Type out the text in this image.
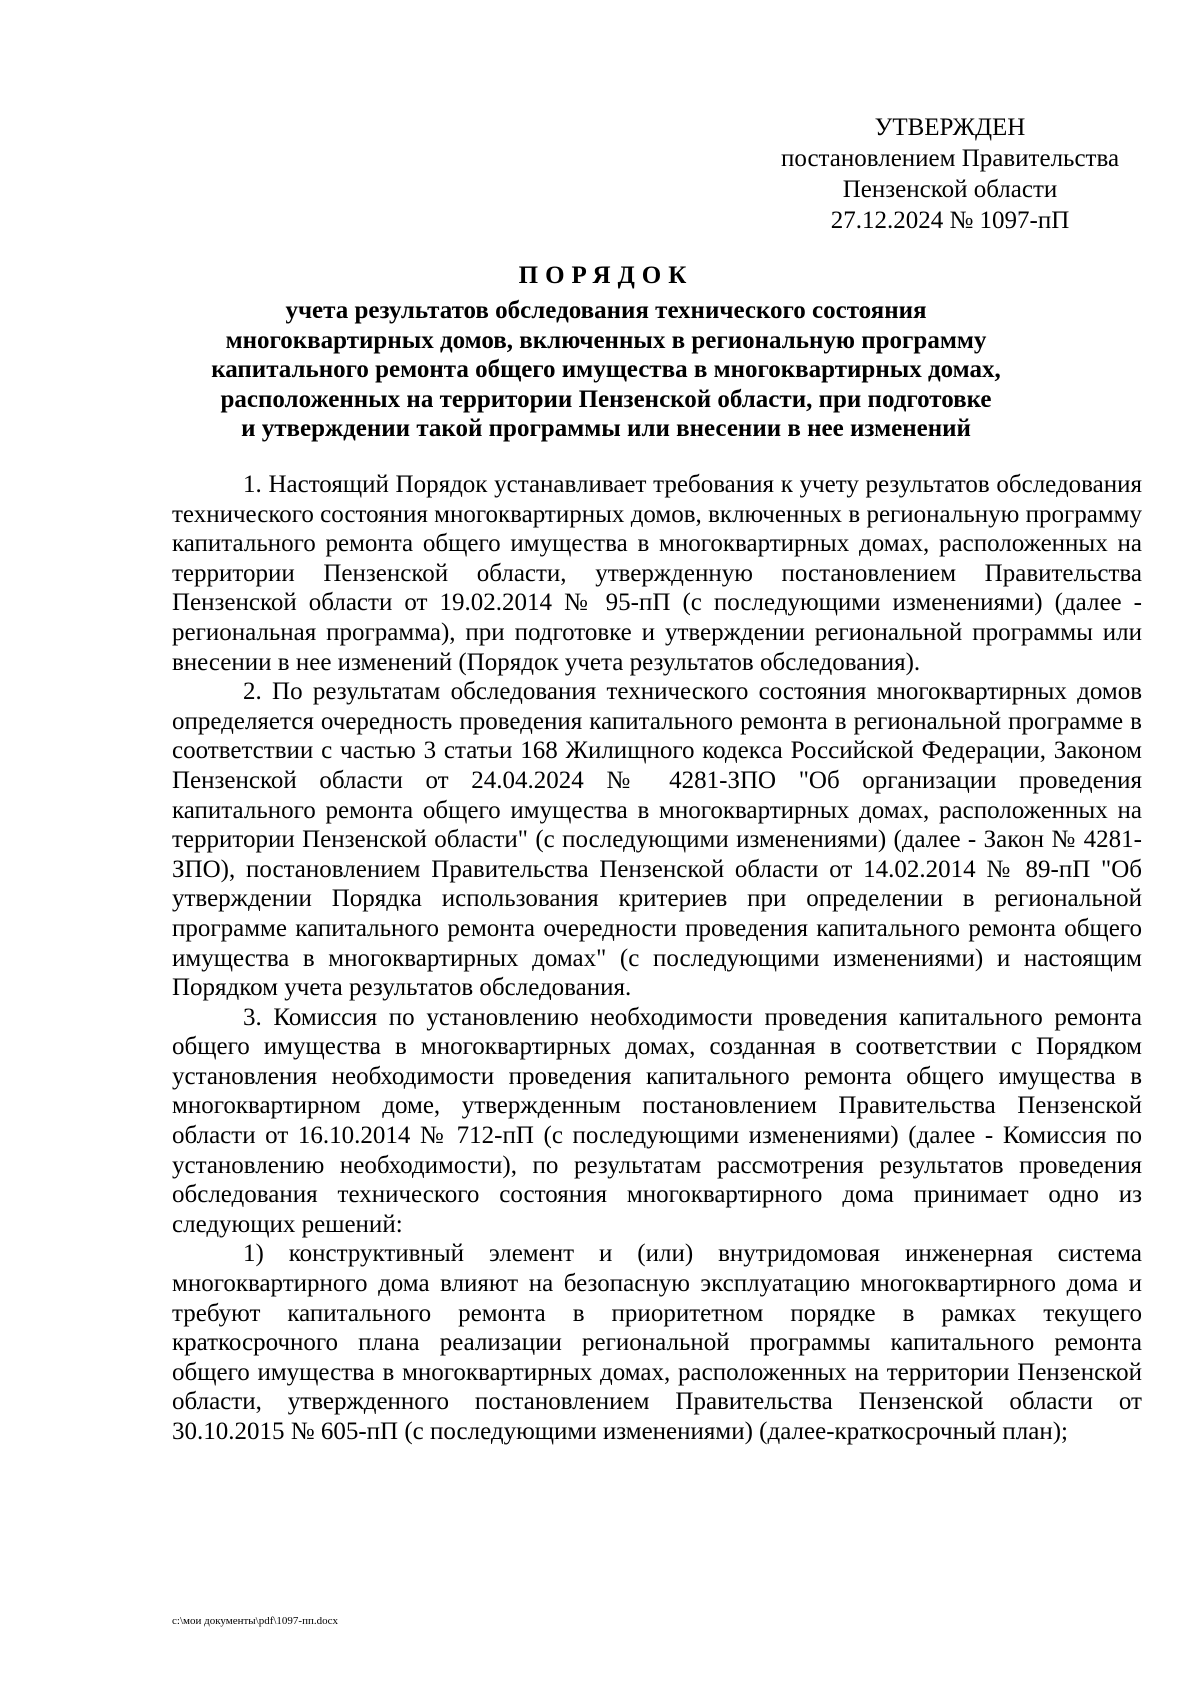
УТВЕРЖДЕН
постановлением Правительства
Пензенской области
27.12.2024 № 1097-пП
ПОРЯДОК
учета результатов обследования технического состояния
многоквартирных домов, включенных в региональную программу
капитального ремонта общего имущества в многоквартирных домах,
расположенных на территории Пензенской области, при подготовке
и утверждении такой программы или внесении в нее изменений

1. Настоящий Порядок устанавливает требования к учету результатов обследования технического состояния многоквартирных домов, включенных в региональную программу капитального ремонта общего имущества в многоквартирных домах, расположенных на территории Пензенской области, утвержденную постановлением Правительства Пензенской области от 19.02.2014 № 95-пП (с последующими изменениями) (далее - региональная программа), при подготовке и утверждении региональной программы или внесении в нее изменений (Порядок учета результатов обследования).

2. По результатам обследования технического состояния многоквартирных домов определяется очередность проведения капитального ремонта в региональной программе в соответствии с частью 3 статьи 168 Жилищного кодекса Российской Федерации, Законом Пензенской области от 24.04.2024 № 4281-ЗПО "Об организации проведения капитального ремонта общего имущества в многоквартирных домах, расположенных на территории Пензенской области" (с последующими изменениями) (далее - Закон № 4281-ЗПО), постановлением Правительства Пензенской области от 14.02.2014 № 89-пП "Об утверждении Порядка использования критериев при определении в региональной программе капитального ремонта очередности проведения капитального ремонта общего имущества в многоквартирных домах" (с последующими изменениями) и настоящим Порядком учета результатов обследования.

3. Комиссия по установлению необходимости проведения капитального ремонта общего имущества в многоквартирных домах, созданная в соответствии с Порядком установления необходимости проведения капитального ремонта общего имущества в многоквартирном доме, утвержденным постановлением Правительства Пензенской области от 16.10.2014 № 712-пП (с последующими изменениями) (далее - Комиссия по установлению необходимости), по результатам рассмотрения результатов проведения обследования технического состояния многоквартирного дома принимает одно из следующих решений:

1) конструктивный элемент и (или) внутридомовая инженерная система многоквартирного дома влияют на безопасную эксплуатацию многоквартирного дома и требуют капитального ремонта в приоритетном порядке в рамках текущего краткосрочного плана реализации региональной программы капитального ремонта общего имущества в многоквартирных домах, расположенных на территории Пензенской области, утвержденного постановлением Правительства Пензенской области от 30.10.2015 № 605-пП (с последующими изменениями) (далее-краткосрочный план);

c:\мои документы\pdf\1097-пп.docx
